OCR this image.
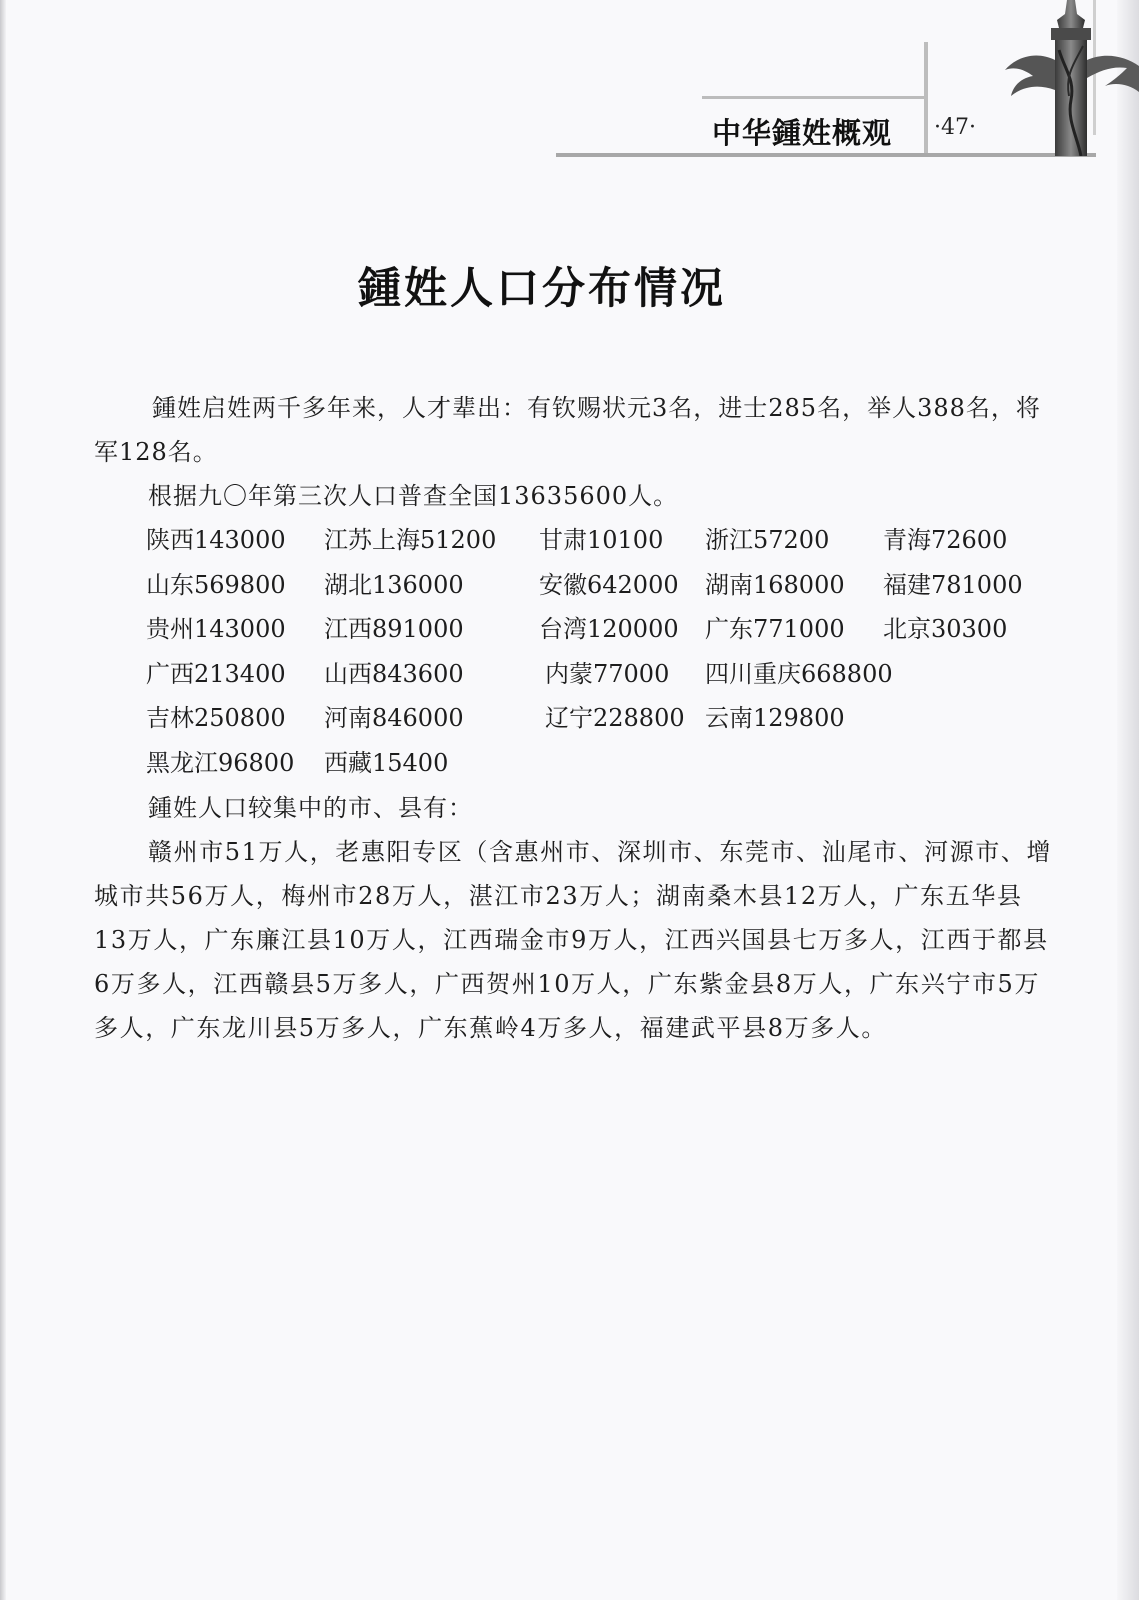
中华鍾姓概观 ·47·
鍾姓人口分布情况

鍾姓启姓两千多年来，人才辈出：有钦赐状元3名，进士285名，举人388名，将军128名。

根据九〇年第三次人口普查全国13635600人。

陕西143000 江苏上海51200 甘肃10100 浙江57200 青海72600
山东569800 湖北136000	安徽642000 湖南168000 福建781000
贵州143000 江西891000	台湾120000 广东771000 北京30300
广西213400 山西843600	内蒙77000 四川重庆668800
吉林250800 河南846000	辽宁228800 云南129800
黑龙江96800 西藏15400

鍾姓人口较集中的市、县有：

赣州市51万人，老惠阳专区（含惠州市、深圳市、东莞市、汕尾市、河源市、增城市共56万人，梅州市28万人，湛江市23万人；湖南桑木县12万人，广东五华县13万人，广东廉江县10万人，江西瑞金市9万人，江西兴国县七万多人，江西于都县6万多人，江西赣县5万多人，广西贺州10万人，广东紫金县8万人，广东兴宁市5万多人，广东龙川县5万多人，广东蕉岭4万多人，福建武平县8万多人。
